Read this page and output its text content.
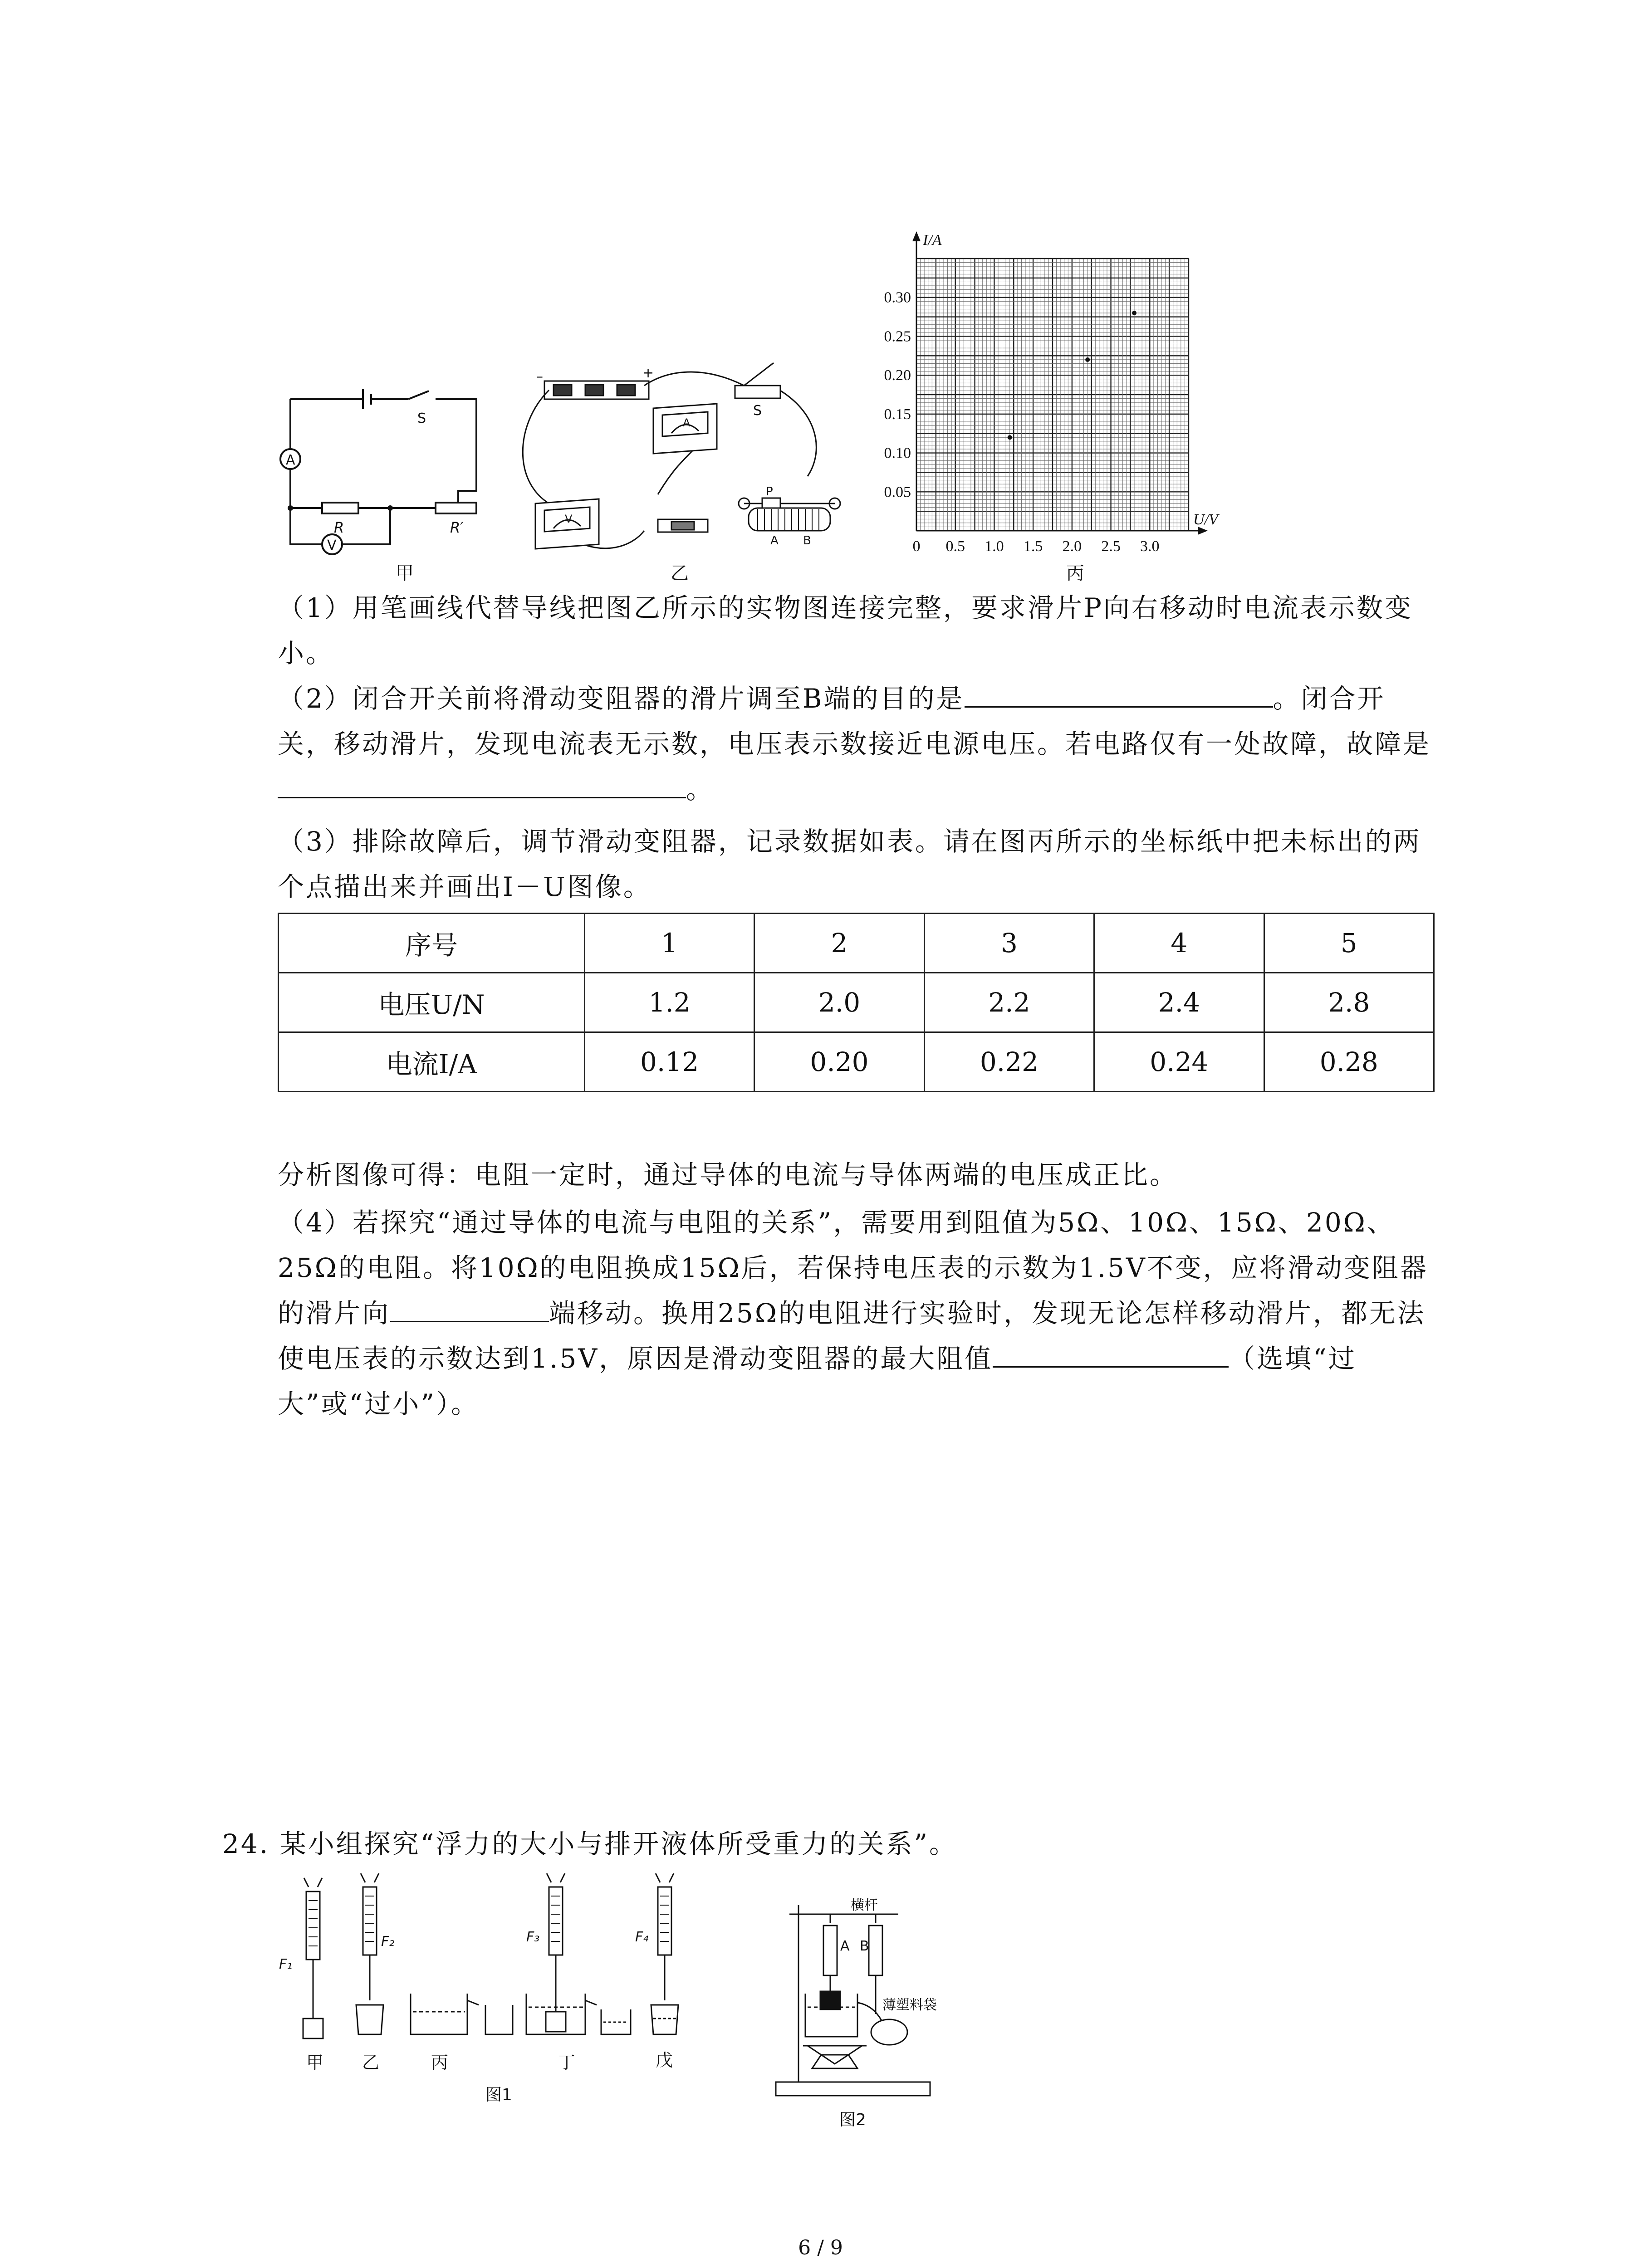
A
V
S
R	R′
甲
–	+
S
A
V
P
A B
乙
0 0.5 1.0 1.5 2.0 2.5 3.0
0.05
0.10
0.15
0.20
0.25
0.30
I/A
U/V
丙
（1）用笔画线代替导线把图乙所示的实物图连接完整，要求滑片P向右移动时电流表示数变小。
（2）闭合开关前将滑动变阻器的滑片调至B端的目的是	。闭合开关，移动滑片，发现电流表无示数，电压表示数接近电源电压。若电路仅有一处故障，故障是。
（3）排除故障后，调节滑动变阻器，记录数据如表。请在图丙所示的坐标纸中把未标出的两个点描出来并画出I－U图像。
序号	1	2	3	4	5
电压U/N	1.2	2.0	2.2	2.4	2.8
电流I/A	0.12	0.20	0.22	0.24	0.28
分析图像可得：电阻一定时，通过导体的电流与导体两端的电压成正比。
（4）若探究“通过导体的电流与电阻的关系”，需要用到阻值为5Ω、10Ω、15Ω、20Ω、25Ω的电阻。将10Ω的电阻换成15Ω后，若保持电压表的示数为1.5V不变，应将滑动变阻器的滑片向	端移动。换用25Ω的电阻进行实验时，发现无论怎样移动滑片，都无法使电压表的示数达到1.5V，原因是滑动变阻器的最大阻值	（选填“过大”或“过小”）。
24. 某小组探究“浮力的大小与排开液体所受重力的关系”。
F₁
F₂	F₃	F₄
甲 乙	丙	丁	戊
图1
横杆
A B
薄塑料袋
图2
6 / 9
